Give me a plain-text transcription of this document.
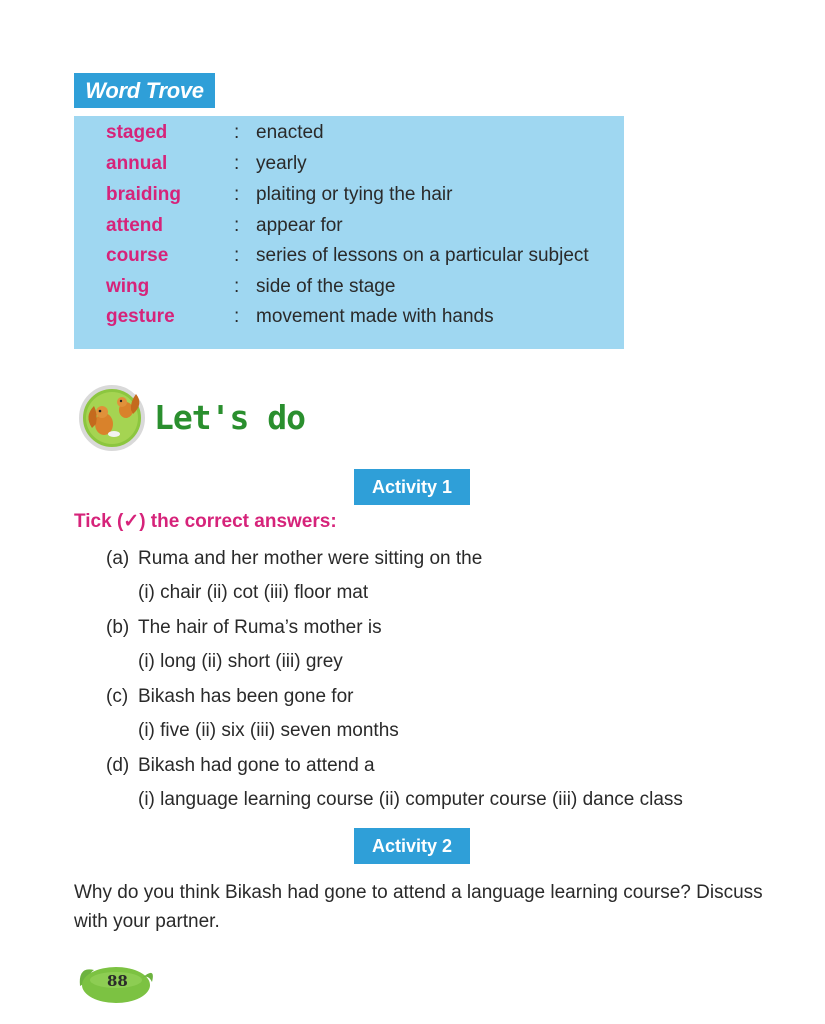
Word Trove
staged	: enacted
annual	: yearly
braiding	: plaiting or tying the hair
attend	: appear for
course	: series of lessons on a particular subject
wing	: side of the stage
gesture	: movement made with hands
Let's do
Activity 1
Tick (✓) the correct answers:
(a) Ruma and her mother were sitting on the
(i) chair (ii) cot (iii) floor mat
(b) The hair of Ruma’s mother is
(i) long (ii) short (iii) grey
(c) Bikash has been gone for
(i) five (ii) six (iii) seven months
(d) Bikash had gone to attend a
(i) language learning course (ii) computer course (iii) dance class
Activity 2
Why do you think Bikash had gone to attend a language learning course? Discuss with your partner.
88
